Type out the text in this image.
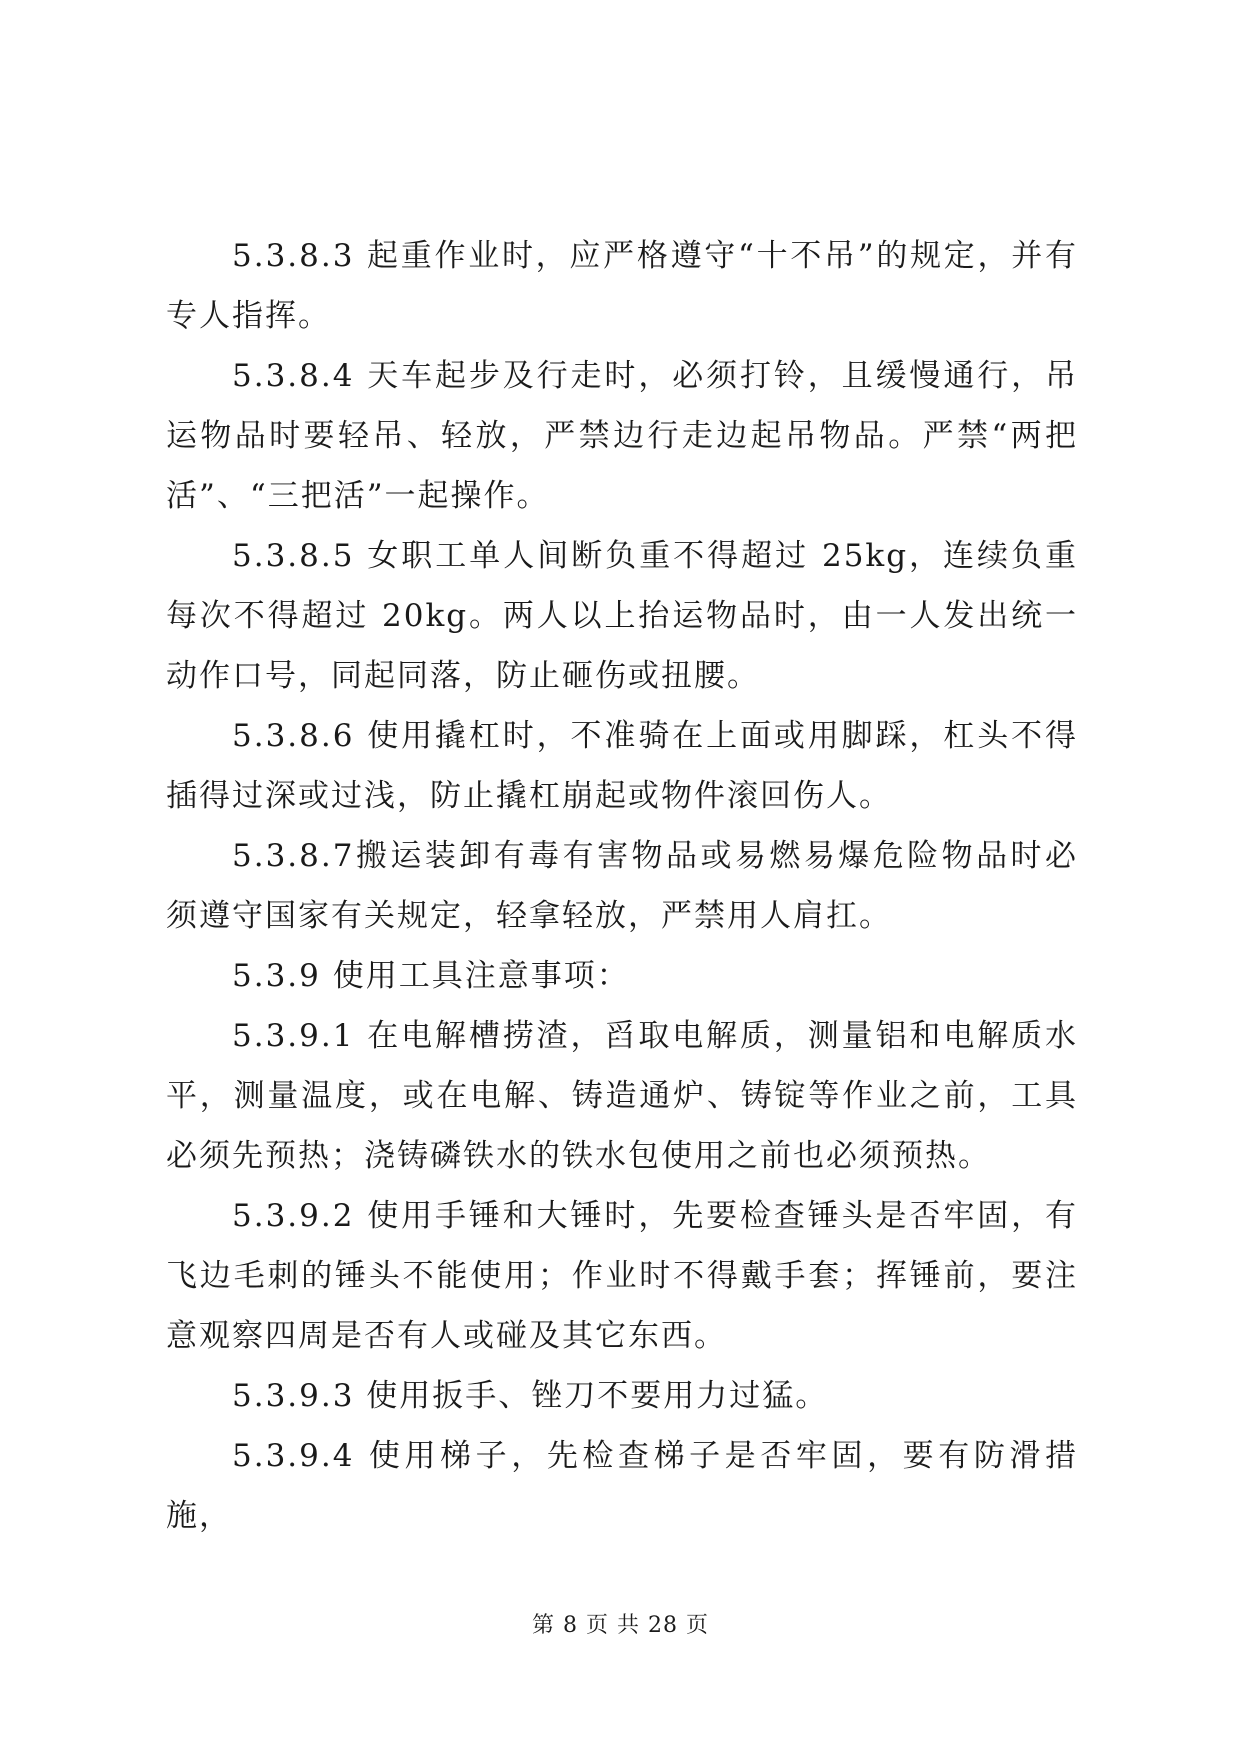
5.3.8.3 起重作业时，应严格遵守“十不吊”的规定，并有专人指挥。

5.3.8.4 天车起步及行走时，必须打铃，且缓慢通行，吊运物品时要轻吊、轻放，严禁边行走边起吊物品。严禁“两把活”、“三把活”一起操作。

5.3.8.5 女职工单人间断负重不得超过 25kg，连续负重每次不得超过 20kg。两人以上抬运物品时，由一人发出统一动作口号，同起同落，防止砸伤或扭腰。

5.3.8.6 使用撬杠时，不准骑在上面或用脚踩，杠头不得插得过深或过浅，防止撬杠崩起或物件滚回伤人。

5.3.8.7搬运装卸有毒有害物品或易燃易爆危险物品时必须遵守国家有关规定，轻拿轻放，严禁用人肩扛。

5.3.9 使用工具注意事项：

5.3.9.1 在电解槽捞渣，舀取电解质，测量铝和电解质水平，测量温度，或在电解、铸造通炉、铸锭等作业之前，工具必须先预热；浇铸磷铁水的铁水包使用之前也必须预热。

5.3.9.2 使用手锤和大锤时，先要检查锤头是否牢固，有飞边毛刺的锤头不能使用；作业时不得戴手套；挥锤前，要注意观察四周是否有人或碰及其它东西。

5.3.9.3 使用扳手、锉刀不要用力过猛。

5.3.9.4 使用梯子，先检查梯子是否牢固，要有防滑措施，

第 8 页 共 28 页
